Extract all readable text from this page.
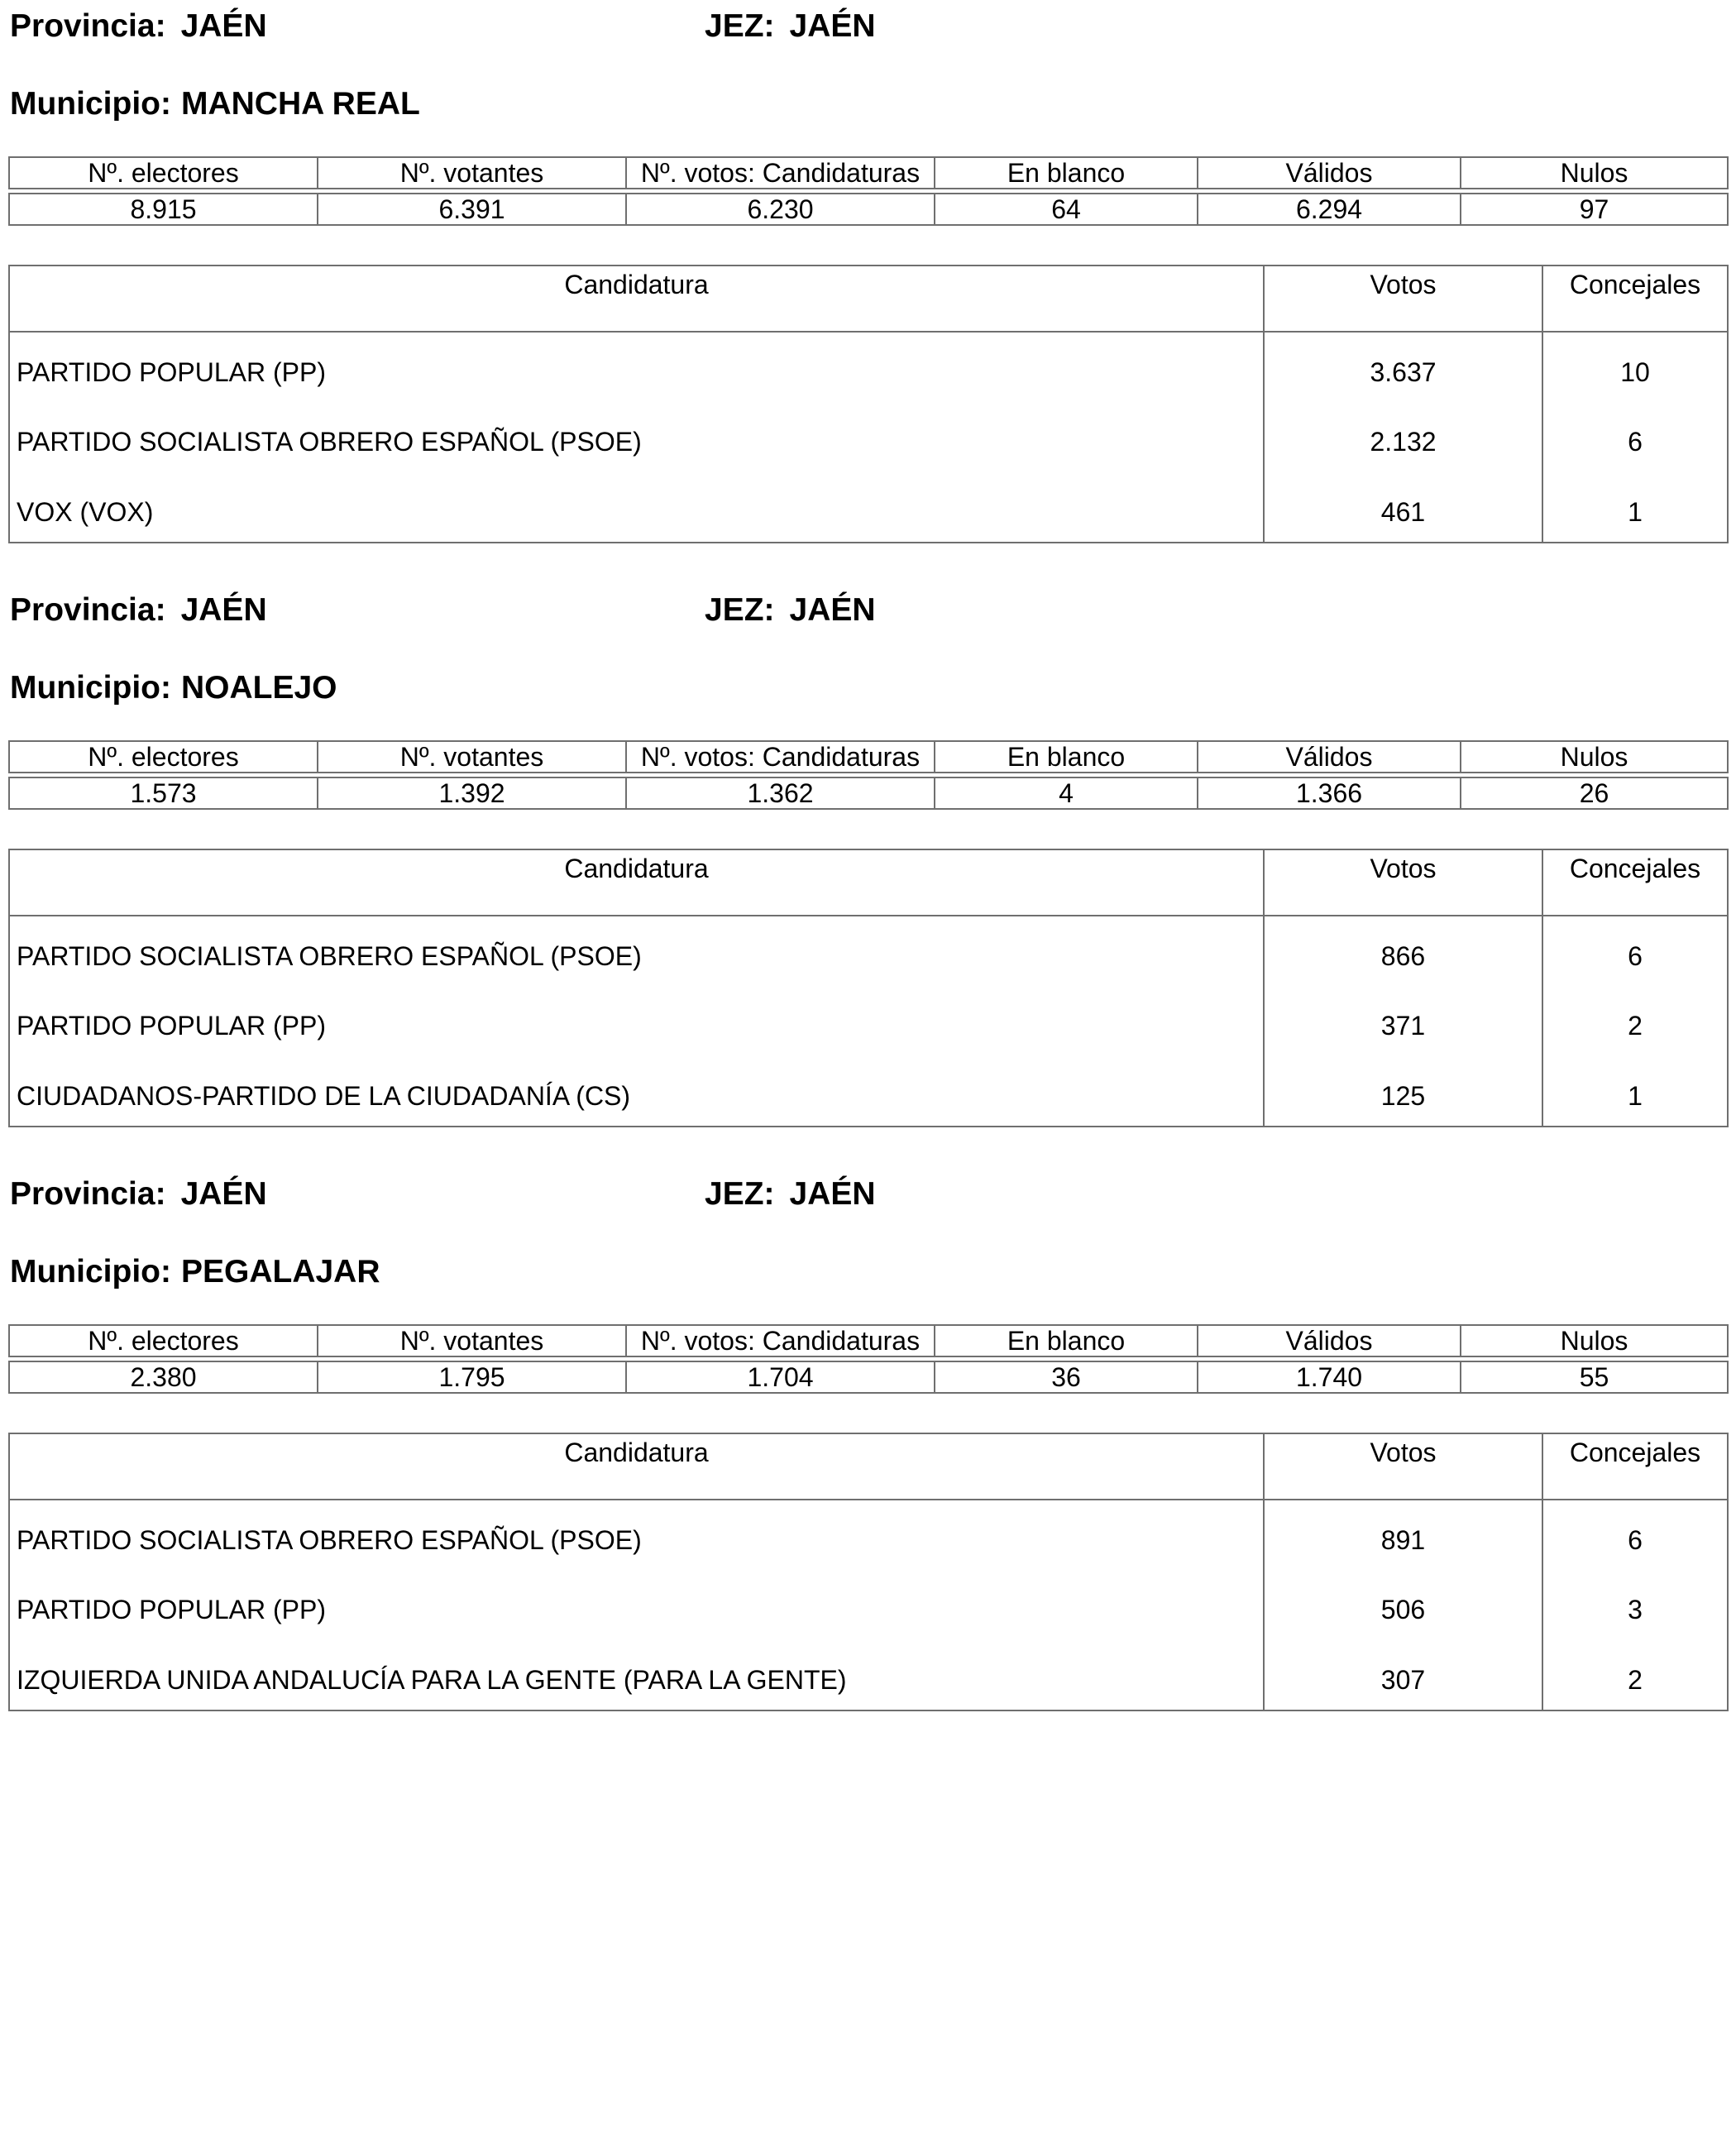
Provincia: JAÉN	JEZ: JAÉN
Municipio: MANCHA REAL
Nº. electores	Nº. votantes	Nº. votos: Candidaturas	En blanco	Válidos	Nulos

8.915	6.391	6.230	64	6.294	97
Candidatura	Votos	Concejales
PARTIDO POPULAR (PP)	3.637	10
PARTIDO SOCIALISTA OBRERO ESPAÑOL (PSOE)	2.132	6
VOX (VOX)	461	1
Provincia: JAÉN	JEZ: JAÉN
Municipio: NOALEJO
Nº. electores	Nº. votantes	Nº. votos: Candidaturas	En blanco	Válidos	Nulos

1.573	1.392	1.362	4	1.366	26
Candidatura	Votos	Concejales
PARTIDO SOCIALISTA OBRERO ESPAÑOL (PSOE)	866	6
PARTIDO POPULAR (PP)	371	2
CIUDADANOS-PARTIDO DE LA CIUDADANÍA (CS)	125	1
Provincia: JAÉN	JEZ: JAÉN
Municipio: PEGALAJAR
Nº. electores	Nº. votantes	Nº. votos: Candidaturas	En blanco	Válidos	Nulos

2.380	1.795	1.704	36	1.740	55
Candidatura	Votos	Concejales
PARTIDO SOCIALISTA OBRERO ESPAÑOL (PSOE)	891	6
PARTIDO POPULAR (PP)	506	3
IZQUIERDA UNIDA ANDALUCÍA PARA LA GENTE (PARA LA GENTE)	307	2
